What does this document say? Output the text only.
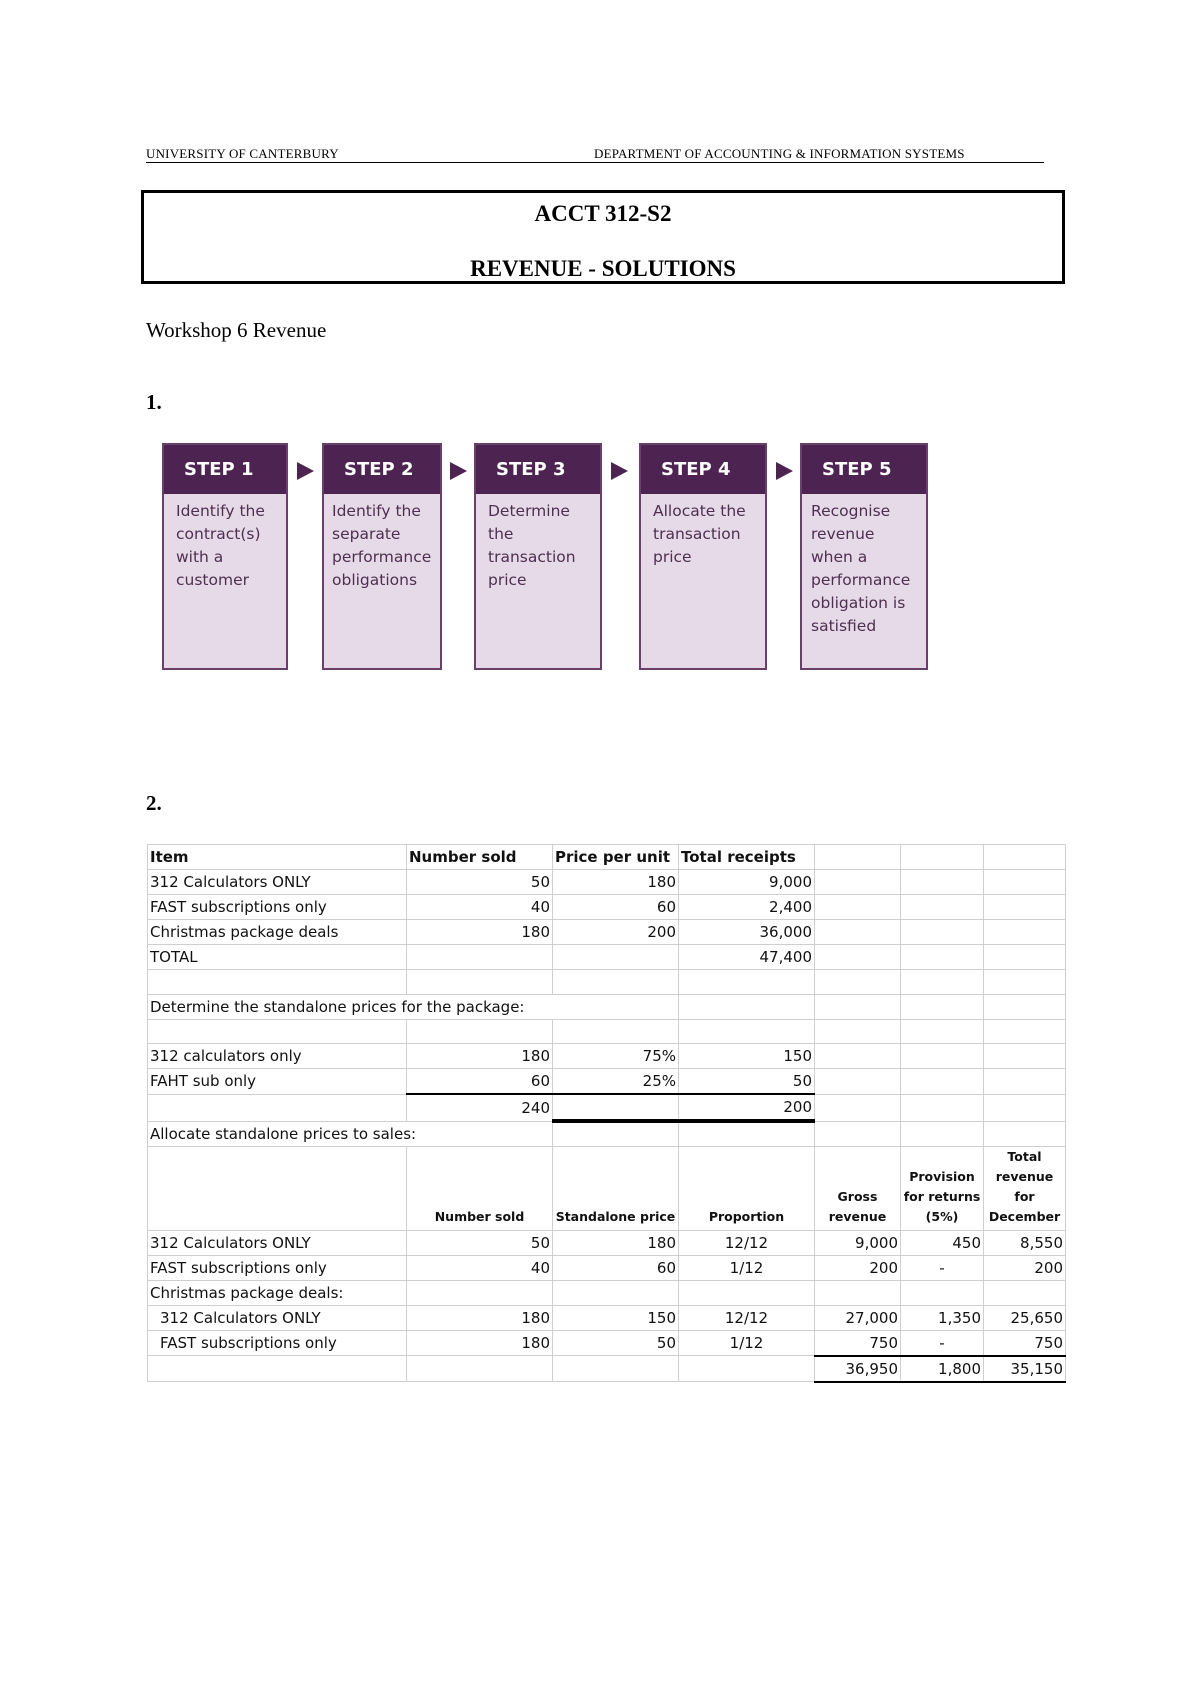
UNIVERSITY OF CANTERBURY	DEPARTMENT OF ACCOUNTING & INFORMATION SYSTEMS
ACCT 312-S2
REVENUE - SOLUTIONS
Workshop 6 Revenue
1.
STEP 1
Identify the
contract(s)
with a
customer
STEP 2
Identify the
separate
performance
obligations
STEP 3
Determine
the
transaction
price
STEP 4
Allocate the
transaction
price
STEP 5
Recognise
revenue
when a
performance
obligation is
satisfied
2.
Item	Number sold	Price per unit	Total receipts			
312 Calculators ONLY	50	180	9,000			
FAST subscriptions only	40	60	2,400			
Christmas package deals	180	200	36,000			
TOTAL			47,400			

Determine the standalone prices for the package:						

312 calculators only	180	75%	150			
FAHT sub only	60	25%	50			
	240		200			
Allocate standalone prices to sales:						
	Number sold	Standalone price	Proportion	Gross revenue	Provision for returns (5%)	Total revenue for December
312 Calculators ONLY	50	180	12/12	9,000	450	8,550
FAST subscriptions only	40	60	1/12	200	-	200
Christmas package deals:						
312 Calculators ONLY	180	150	12/12	27,000	1,350	25,650
FAST subscriptions only	180	50	1/12	750	-	750
				36,950	1,800	35,150
